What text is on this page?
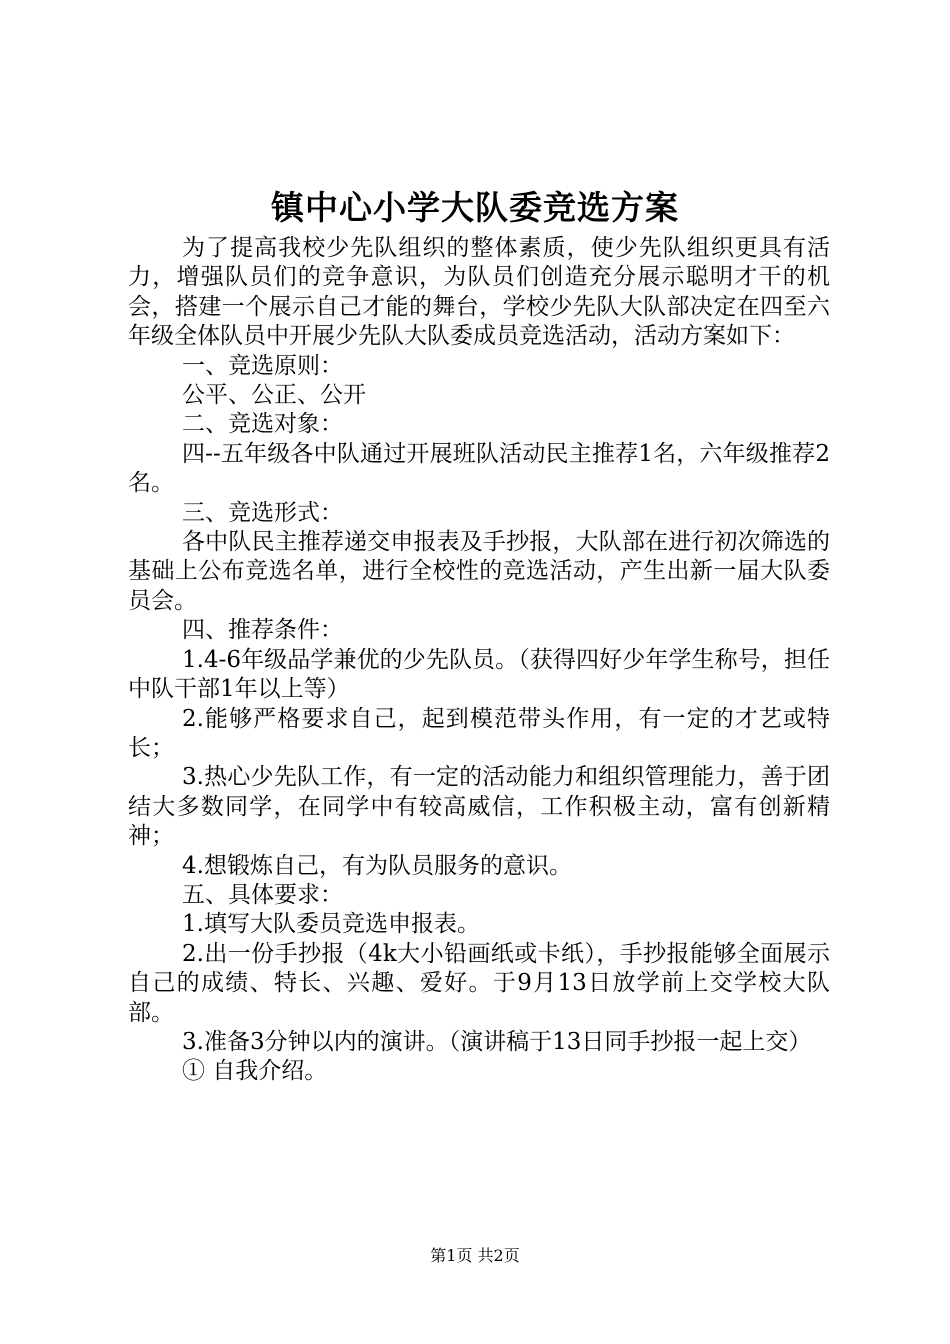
镇中心小学大队委竞选方案

为了提高我校少先队组织的整体素质，使少先队组织更具有活力，增强队员们的竞争意识，为队员们创造充分展示聪明才干的机会，搭建一个展示自己才能的舞台，学校少先队大队部决定在四至六年级全体队员中开展少先队大队委成员竞选活动，活动方案如下：

一、竞选原则：

公平、公正、公开

二、竞选对象：

四--五年级各中队通过开展班队活动民主推荐1名，六年级推荐2名。

三、竞选形式：

各中队民主推荐递交申报表及手抄报，大队部在进行初次筛选的基础上公布竞选名单，进行全校性的竞选活动，产生出新一届大队委员会。

四、推荐条件：

1.4-6年级品学兼优的少先队员。（获得四好少年学生称号，担任中队干部1年以上等）

2.能够严格要求自己，起到模范带头作用，有一定的才艺或特长；

3.热心少先队工作，有一定的活动能力和组织管理能力，善于团结大多数同学，在同学中有较高威信，工作积极主动，富有创新精神；

4.想锻炼自己，有为队员服务的意识。

五、具体要求：

1.填写大队委员竞选申报表。

2.出一份手抄报（4k大小铅画纸或卡纸），手抄报能够全面展示自己的成绩、特长、兴趣、爱好。于9月13日放学前上交学校大队部。

3.准备3分钟以内的演讲。（演讲稿于13日同手抄报一起上交）

① 自我介绍。

第1页 共2页
